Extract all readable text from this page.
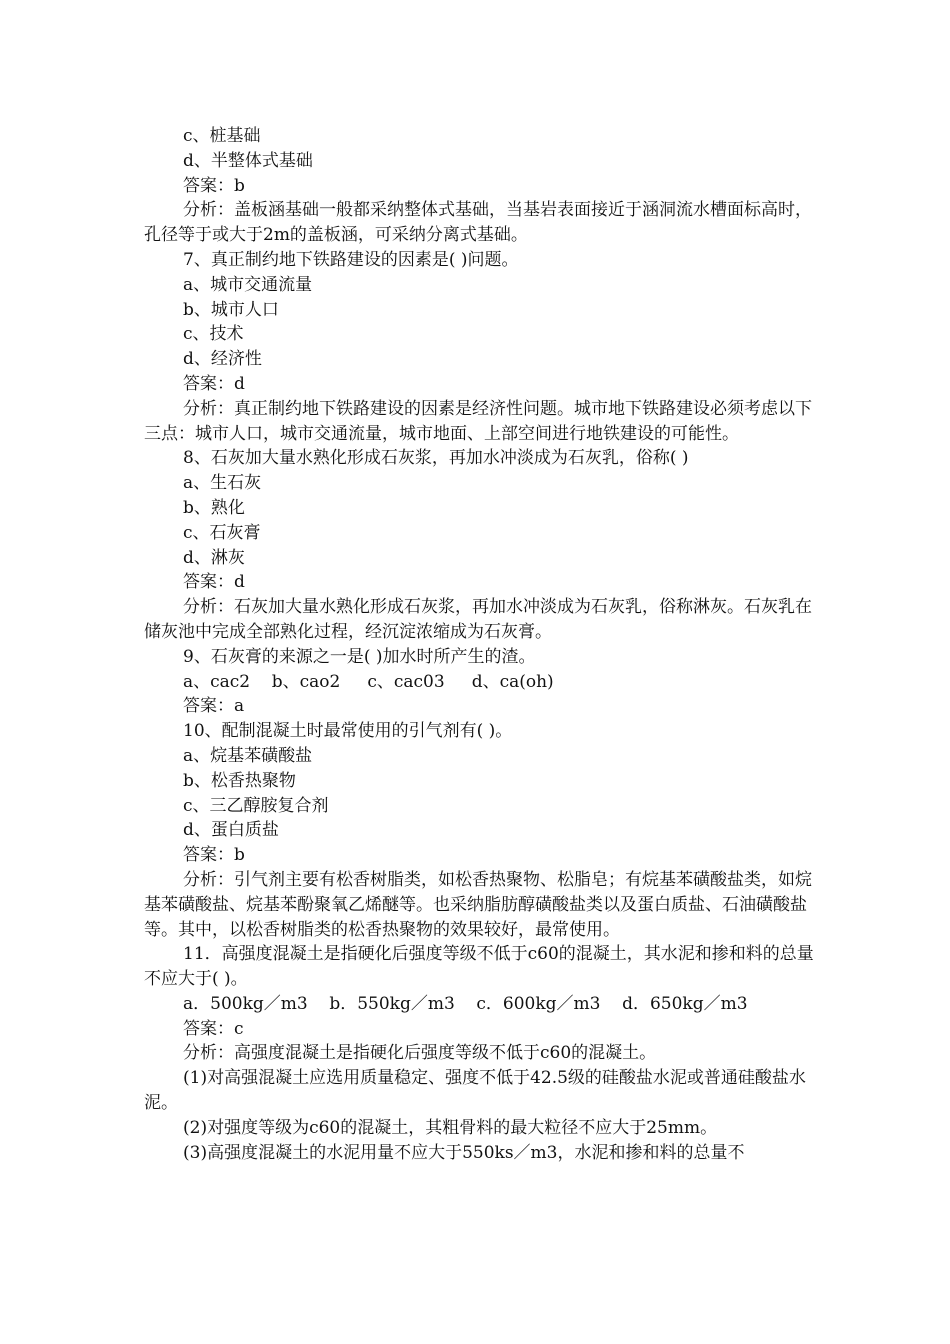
c、桩基础

d、半整体式基础

答案：b

分析：盖板涵基础一般都采纳整体式基础，当基岩表面接近于涵洞流水槽面标高时，孔径等于或大于2m的盖板涵，可采纳分离式基础。

7、真正制约地下铁路建设的因素是( )问题。

a、城市交通流量

b、城市人口

c、技术

d、经济性

答案：d

分析：真正制约地下铁路建设的因素是经济性问题。城市地下铁路建设必须考虑以下三点：城市人口，城市交通流量，城市地面、上部空间进行地铁建设的可能性。

8、石灰加大量水熟化形成石灰浆，再加水冲淡成为石灰乳，俗称( )

a、生石灰

b、熟化

c、石灰膏

d、淋灰

答案：d

分析：石灰加大量水熟化形成石灰浆，再加水冲淡成为石灰乳，俗称淋灰。石灰乳在储灰池中完成全部熟化过程，经沉淀浓缩成为石灰膏。

9、石灰膏的来源之一是( )加水时所产生的渣。

a、cac2    b、cao2     c、cac03     d、ca(oh)

答案：a

10、配制混凝土时最常使用的引气剂有( )。

a、烷基苯磺酸盐

b、松香热聚物

c、三乙醇胺复合剂

d、蛋白质盐

答案：b

分析：引气剂主要有松香树脂类，如松香热聚物、松脂皂；有烷基苯磺酸盐类，如烷基苯磺酸盐、烷基苯酚聚氧乙烯醚等。也采纳脂肪醇磺酸盐类以及蛋白质盐、石油磺酸盐等。其中，以松香树脂类的松香热聚物的效果较好，最常使用。

11．高强度混凝土是指硬化后强度等级不低于c60的混凝土，其水泥和掺和料的总量不应大于( )。

a．500kg／m3    b．550kg／m3    c．600kg／m3    d．650kg／m3

答案：c

分析：高强度混凝土是指硬化后强度等级不低于c60的混凝土。

(1)对高强混凝土应选用质量稳定、强度不低于42.5级的硅酸盐水泥或普通硅酸盐水泥。

(2)对强度等级为c60的混凝土，其粗骨料的最大粒径不应大于25mm。

(3)高强度混凝土的水泥用量不应大于550ks／m3，水泥和掺和料的总量不
